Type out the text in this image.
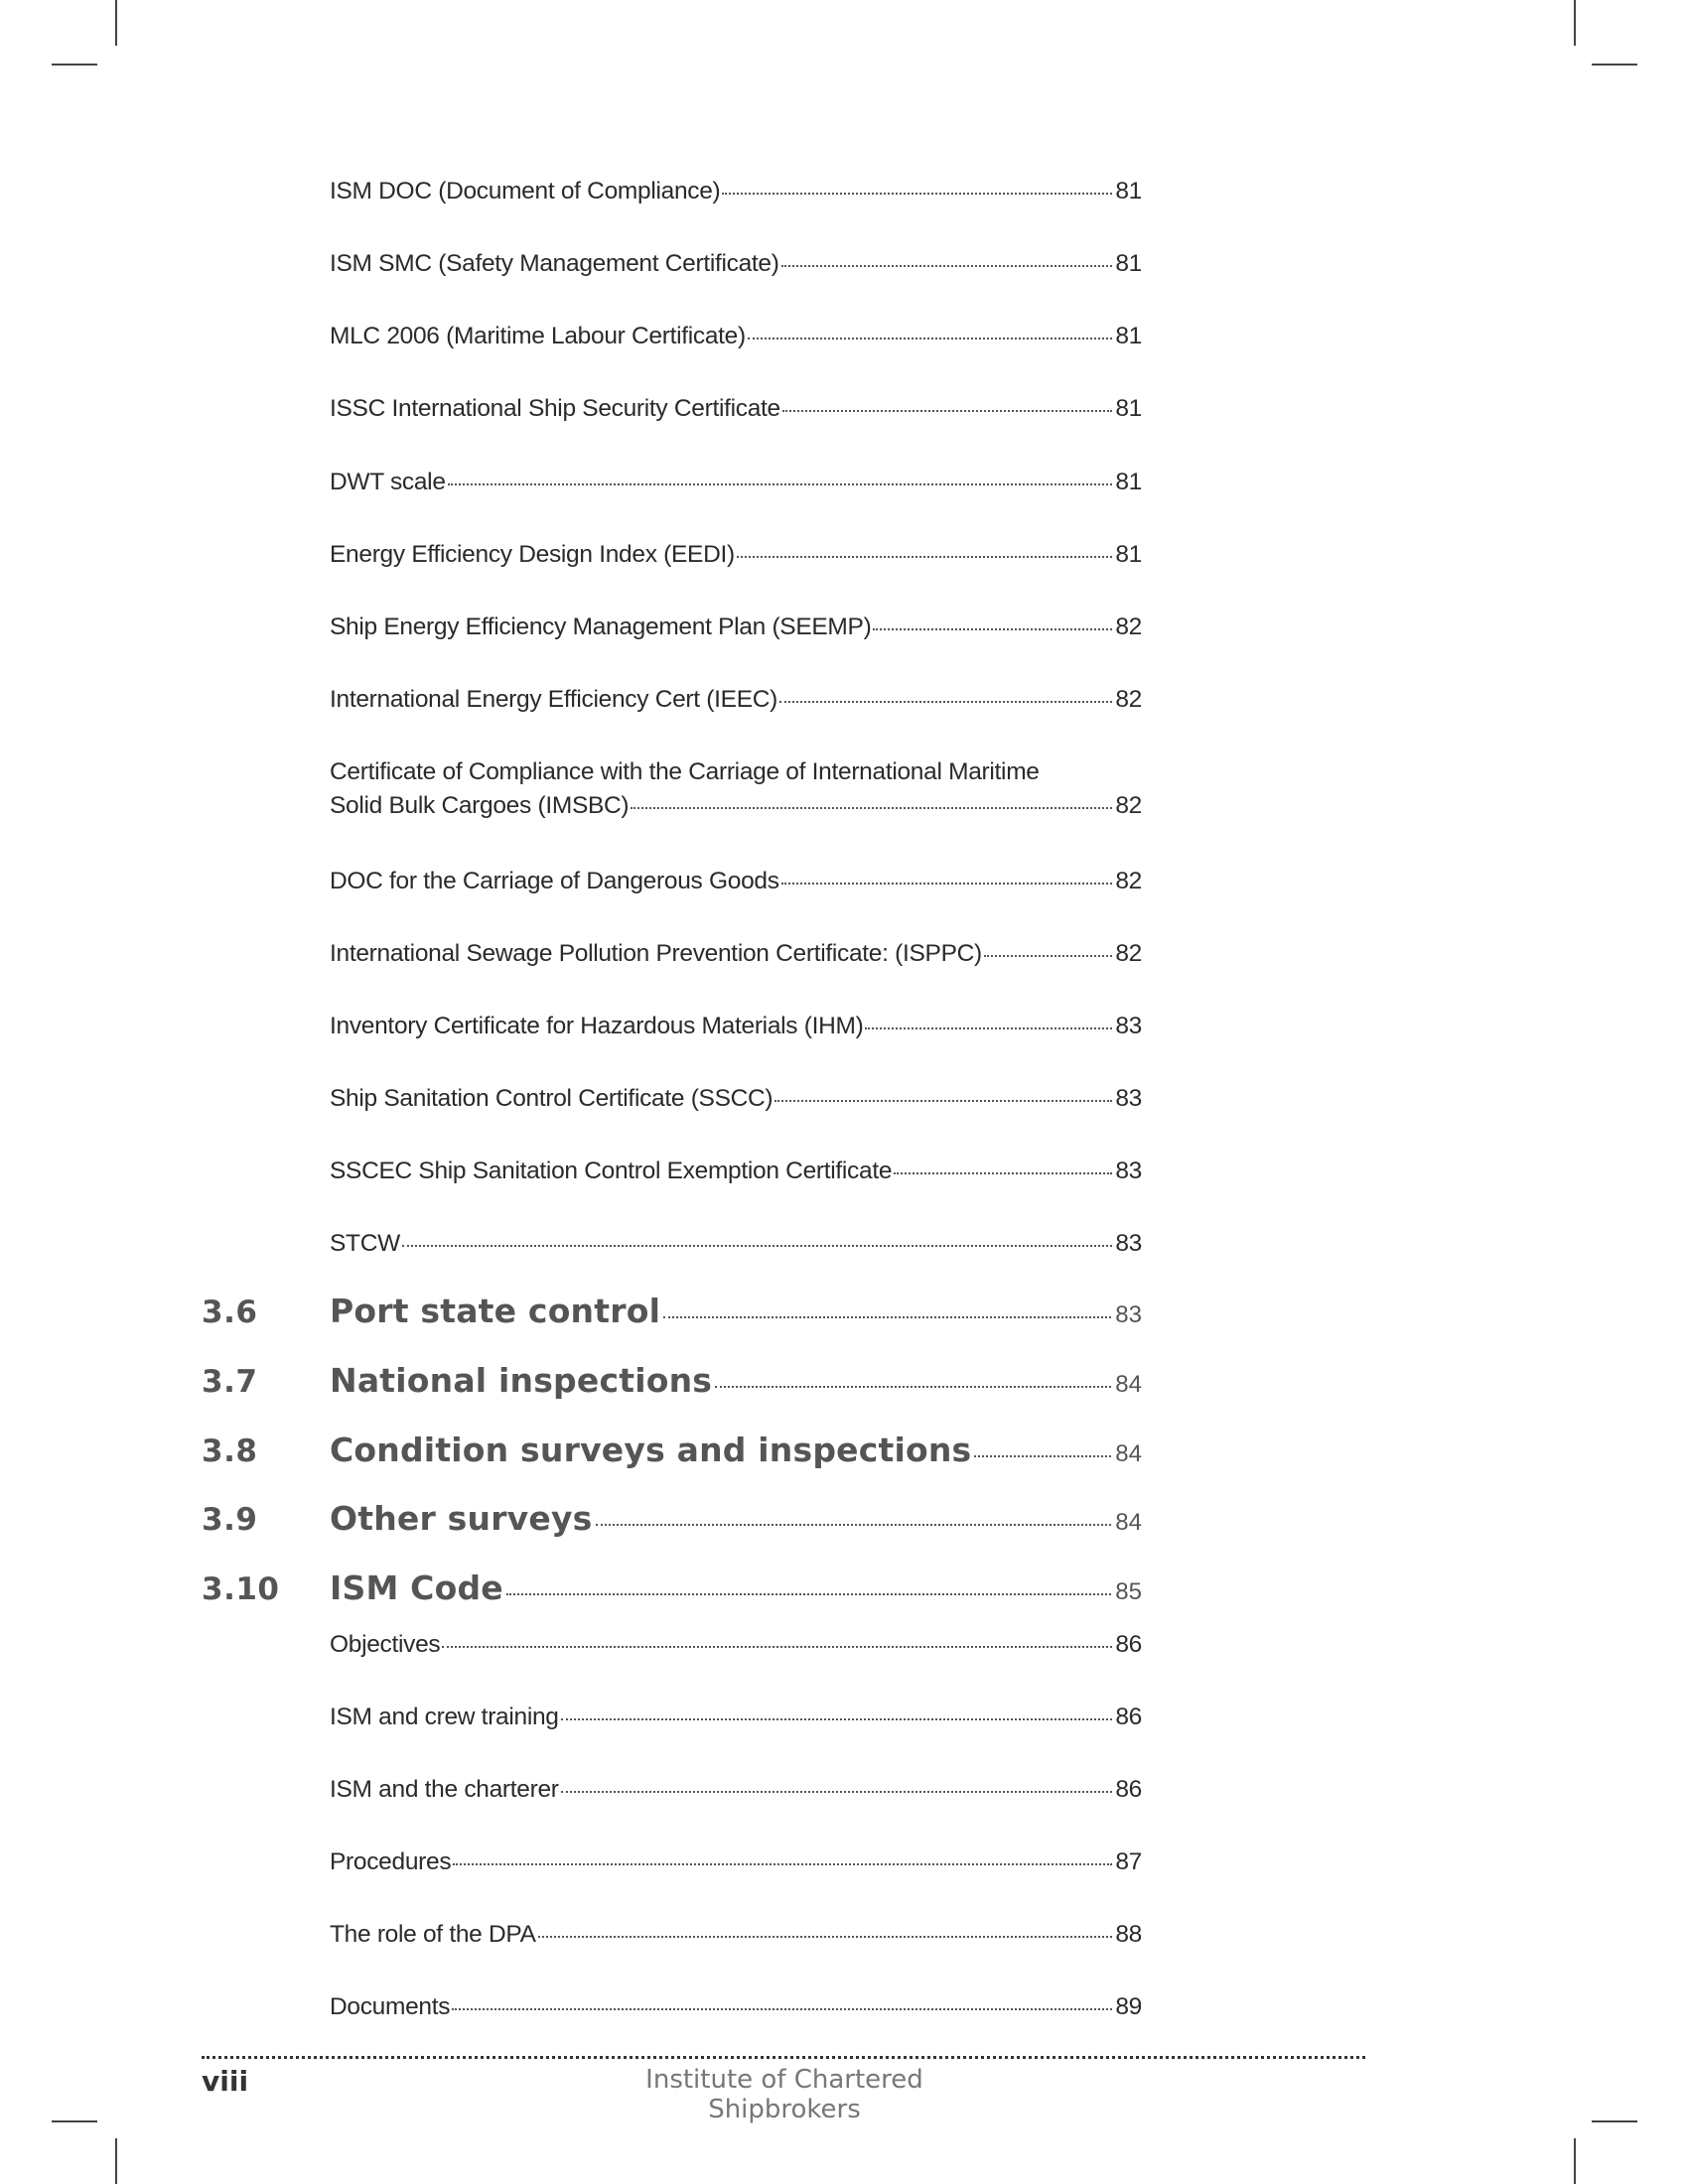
ISM DOC (Document of Compliance)	81
ISM SMC (Safety Management Certificate)	81
MLC 2006 (Maritime Labour Certificate)	81
ISSC International Ship Security Certificate	81
DWT scale	81
Energy Efficiency Design Index (EEDI)	81
Ship Energy Efficiency Management Plan (SEEMP)	82
International Energy Efficiency Cert (IEEC)	82
Certificate of Compliance with the Carriage of International Maritime
Solid Bulk Cargoes (IMSBC)	82
DOC for the Carriage of Dangerous Goods	82
International Sewage Pollution Prevention Certificate: (ISPPC)	82
Inventory Certificate for Hazardous Materials (IHM)	83
Ship Sanitation Control Certificate (SSCC)	83
SSCEC Ship Sanitation Control Exemption Certificate	83
STCW	83
3.6	Port state control	83
3.7	National inspections	84
3.8	Condition surveys and inspections	84
3.9	Other surveys	84
3.10	ISM Code	85
Objectives	86
ISM and crew training	86
ISM and the charterer	86
Procedures	87
The role of the DPA	88
Documents	89
viii	Institute of Chartered Shipbrokers
